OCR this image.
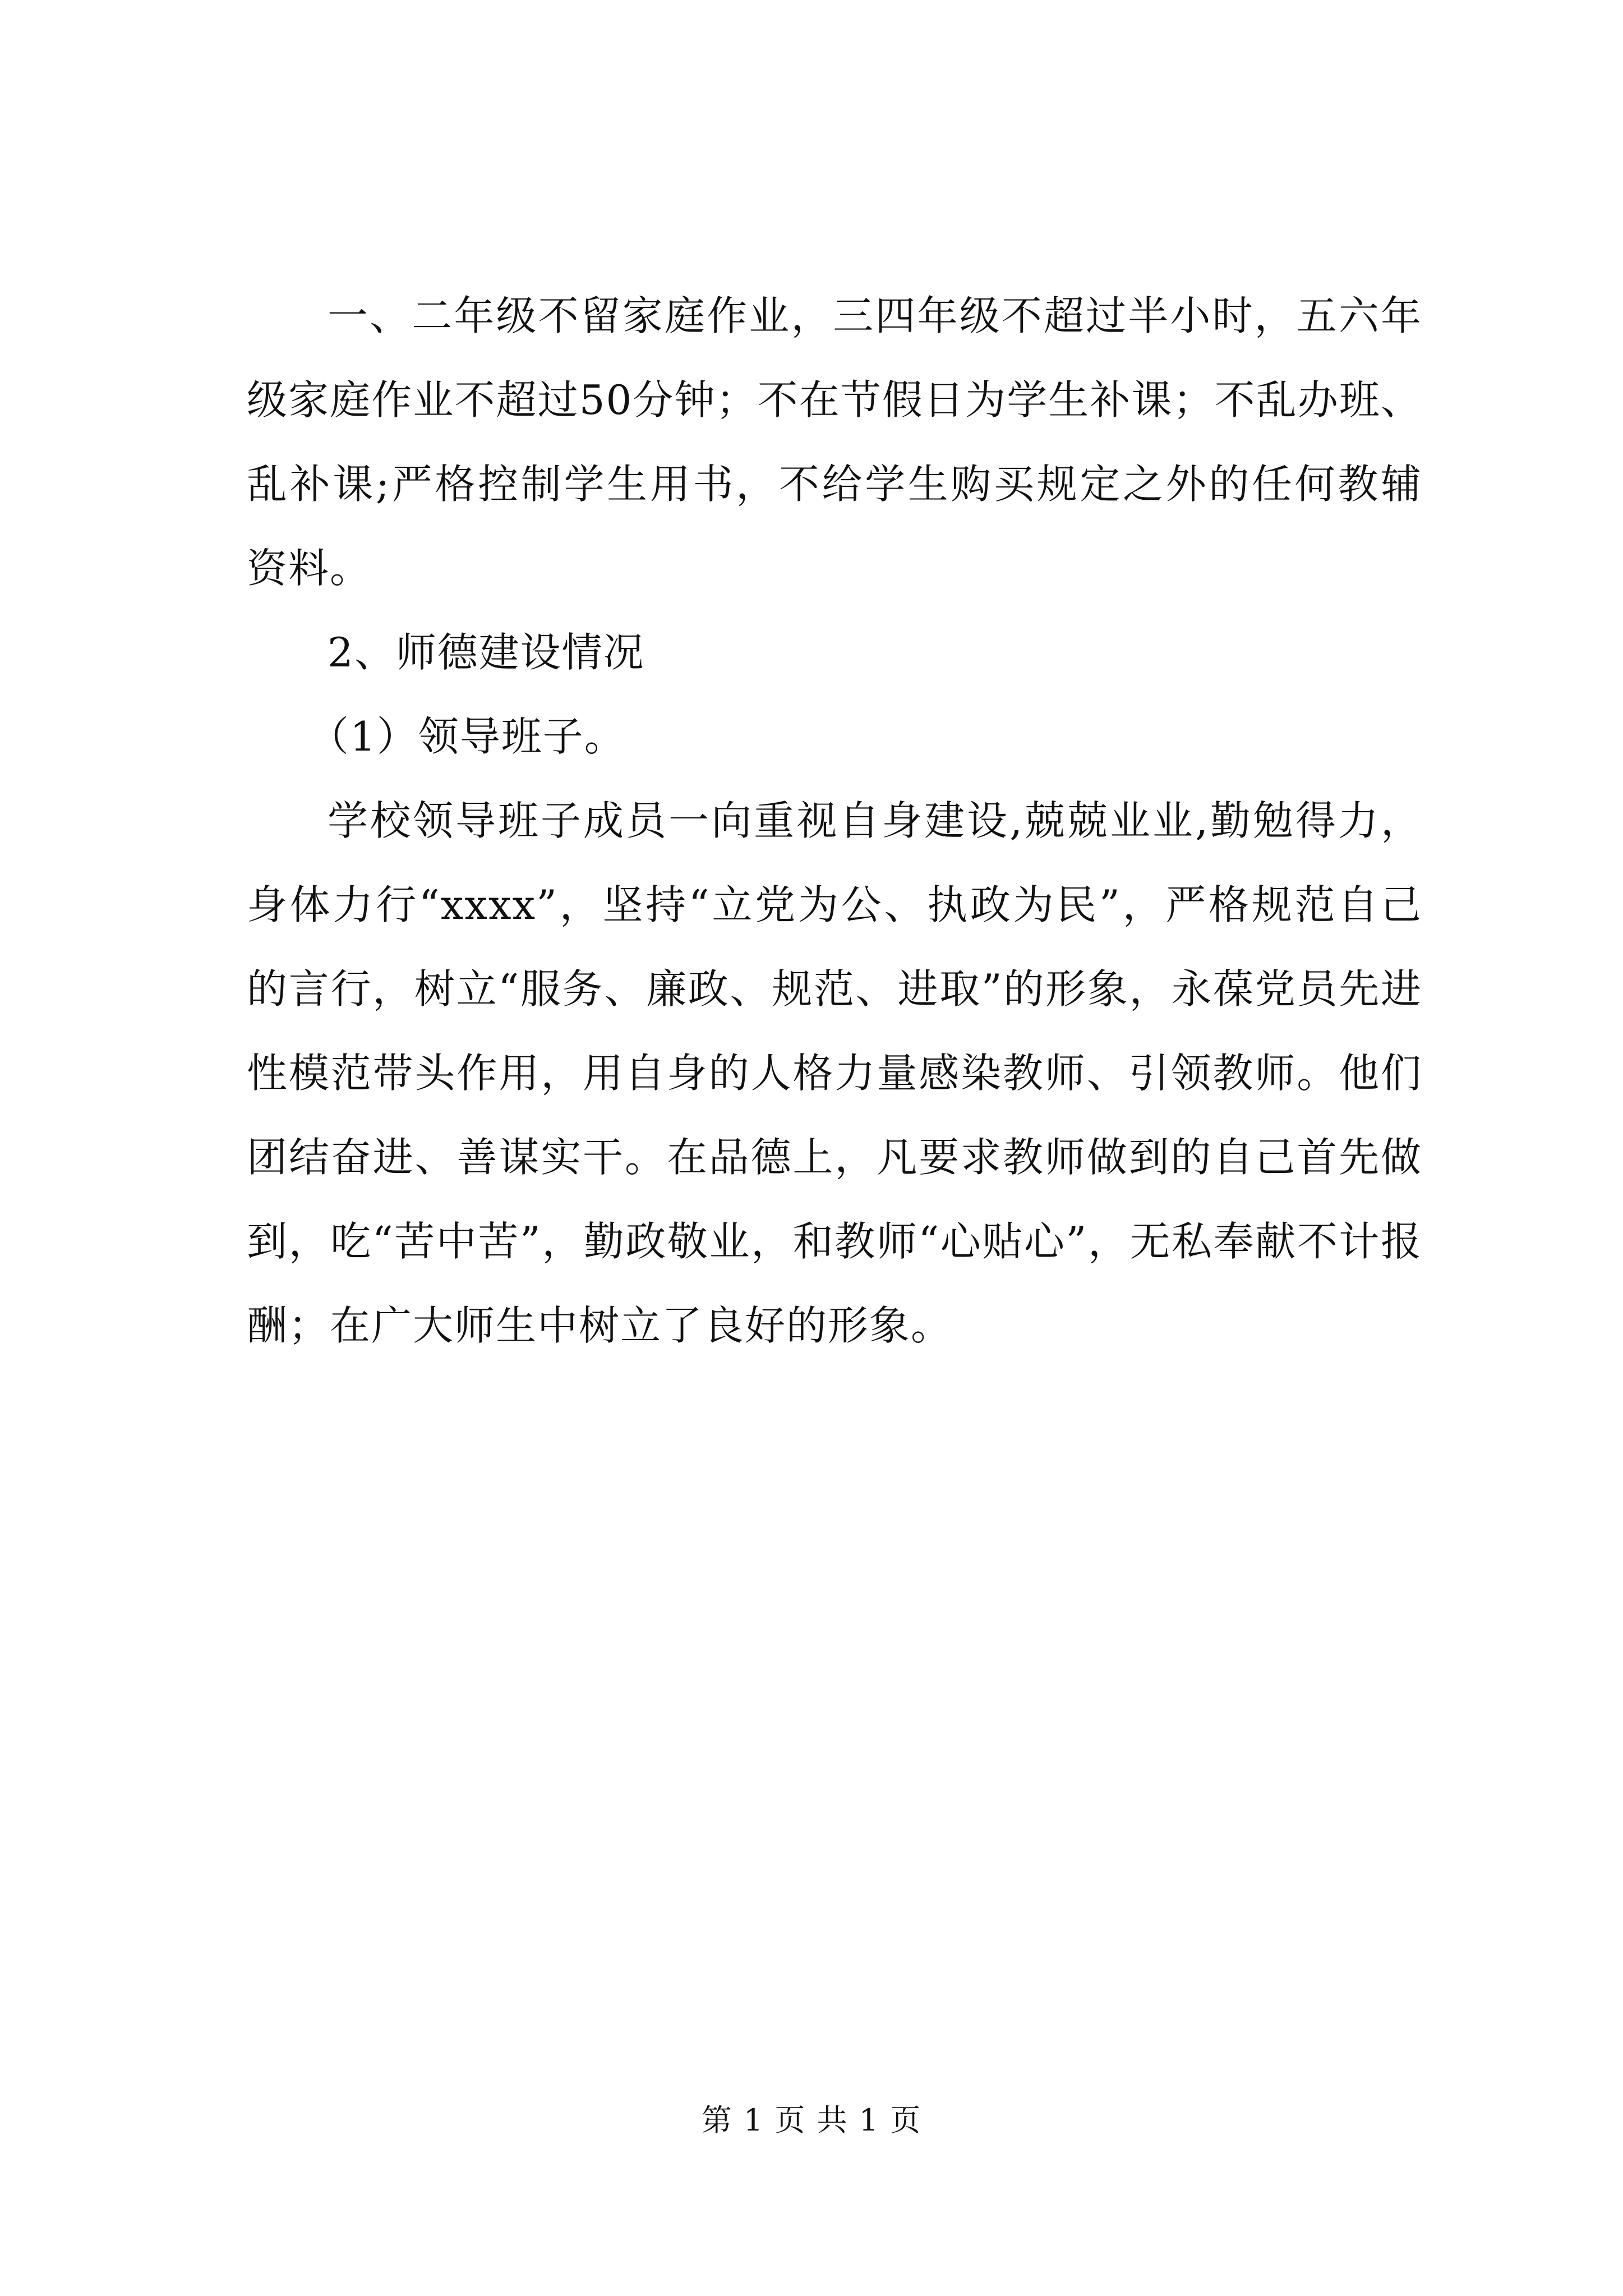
一、二年级不留家庭作业，三四年级不超过半小时，五六年级家庭作业不超过50分钟；不在节假日为学生补课；不乱办班、乱补课;严格控制学生用书，不给学生购买规定之外的任何教辅资料。

2、师德建设情况

（1）领导班子。

学校领导班子成员一向重视自身建设,兢兢业业,勤勉得力，身体力行“xxxx”，坚持“立党为公、执政为民”，严格规范自己的言行，树立“服务、廉政、规范、进取”的形象，永葆党员先进性模范带头作用，用自身的人格力量感染教师、引领教师。他们团结奋进、善谋实干。在品德上，凡要求教师做到的自己首先做到，吃“苦中苦”，勤政敬业，和教师“心贴心”，无私奉献不计报酬；在广大师生中树立了良好的形象。

第 1 页 共 1 页
